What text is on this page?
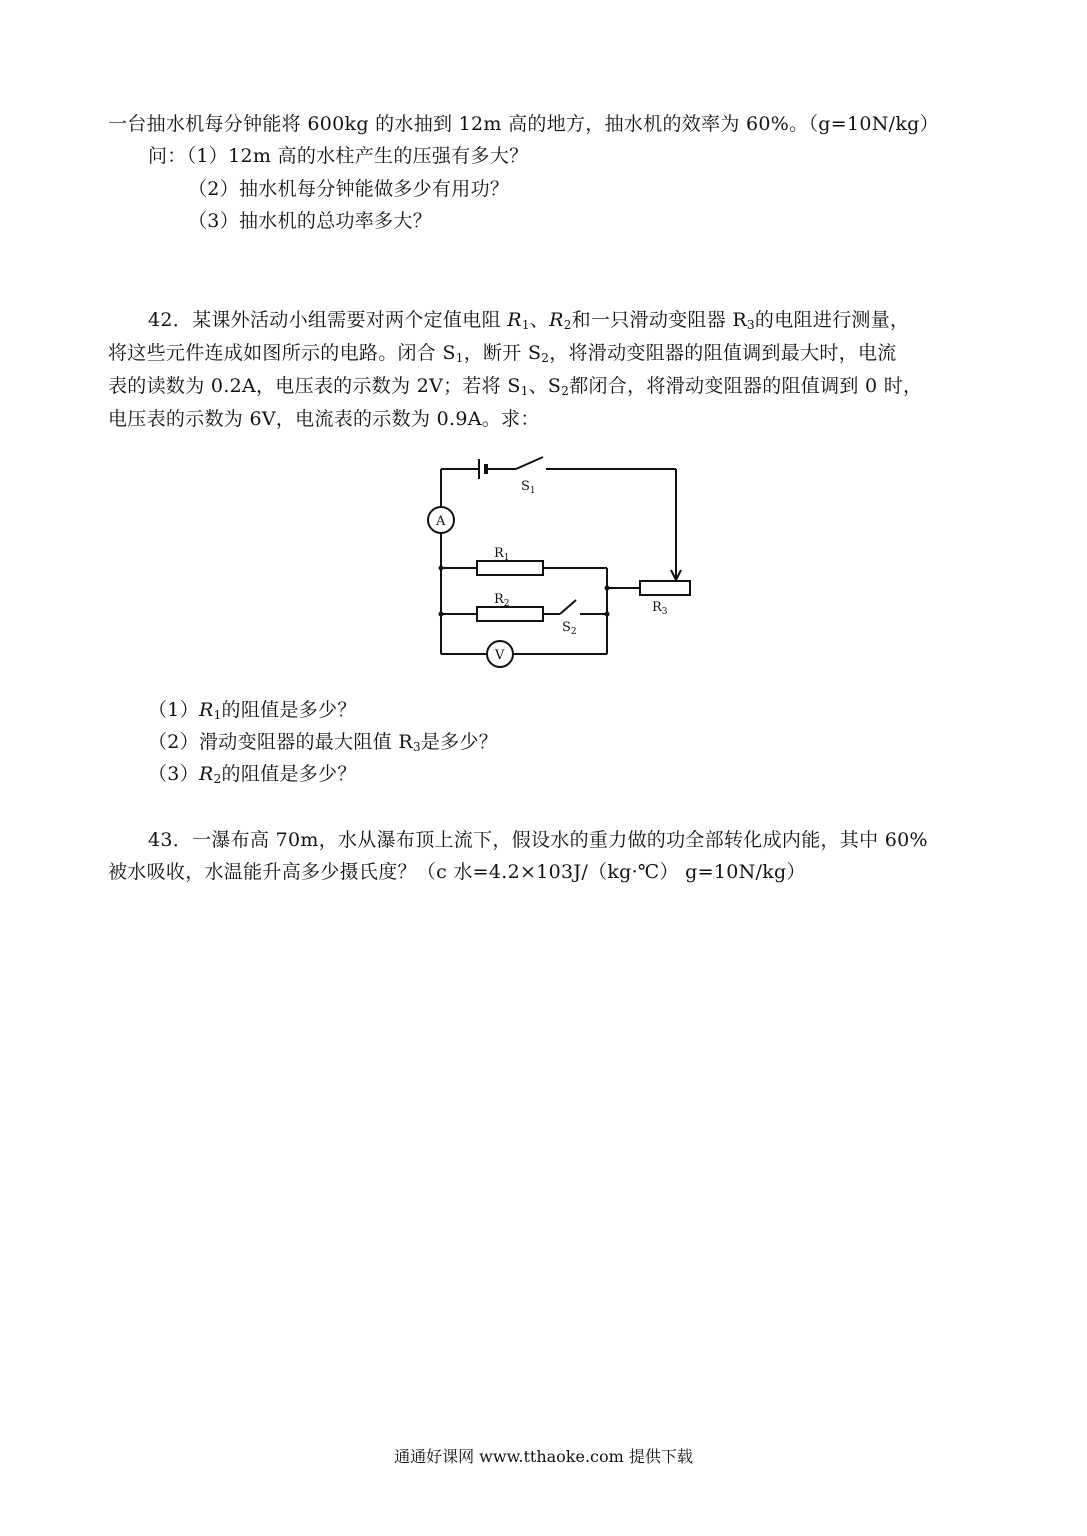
一台抽水机每分钟能将 600kg 的水抽到 12m 高的地方，抽水机的效率为 60%。（g=10N/kg）
问：（1）12m 高的水柱产生的压强有多大？
（2）抽水机每分钟能做多少有用功？
（3）抽水机的总功率多大？
42．某课外活动小组需要对两个定值电阻 $R_1$、$R_2$和一只滑动变阻器 $R_3$的电阻进行测量，
将这些元件连成如图所示的电路。闭合 $S_1$，断开 $S_2$，将滑动变阻器的阻值调到最大时，电流
表的读数为 0.2A，电压表的示数为 2V；若将 $S_1$、$S_2$都闭合，将滑动变阻器的阻值调到 0 时，
电压表的示数为 6V，电流表的示数为 0.9A。求：
A
V
$R_1$
$R_2$	$R_3$
$S_1$
$S_2$
$(1)R_1$的阻值是多少？
（2）滑动变阻器的最大阻值 $R_3$是多少？
$(3)R_2$的阻值是多少？
43．一瀑布高 70m，水从瀑布顶上流下，假设水的重力做的功全部转化成内能，其中 60%
被水吸收，水温能升高多少摄氏度？（c 水=4.2×103J/（kg·℃） g=10N/kg）
通通好课网 www.tthaoke.com 提供下载
